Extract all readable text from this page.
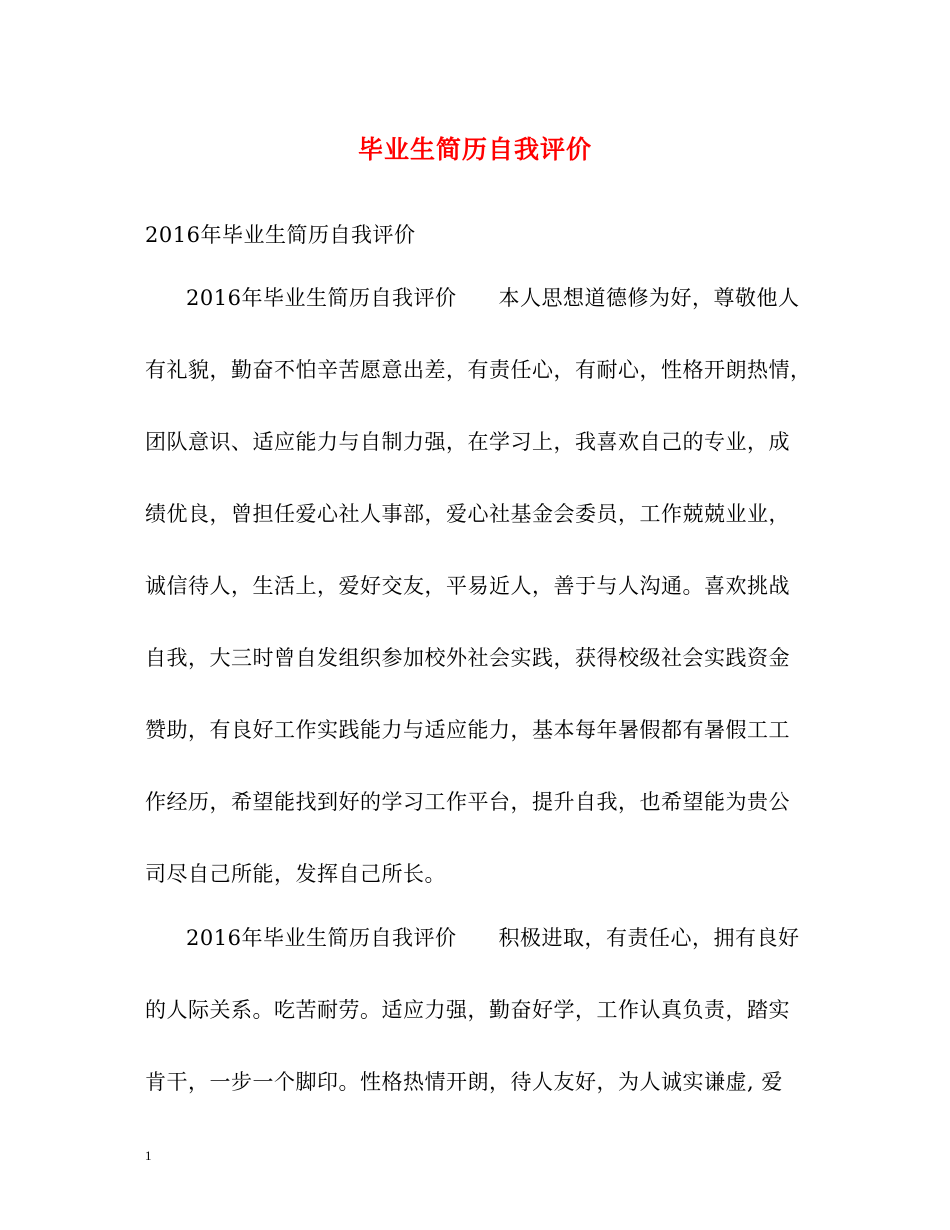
毕业生简历自我评价
2016年毕业生简历自我评价
2016年毕业生简历自我评价 本人思想道德修为好，尊敬他人
有礼貌，勤奋不怕辛苦愿意出差，有责任心，有耐心，性格开朗热情，
团队意识、适应能力与自制力强，在学习上，我喜欢自己的专业，成
绩优良，曾担任爱心社人事部，爱心社基金会委员，工作兢兢业业，
诚信待人，生活上，爱好交友，平易近人，善于与人沟通。喜欢挑战
自我，大三时曾自发组织参加校外社会实践，获得校级社会实践资金
赞助，有良好工作实践能力与适应能力，基本每年暑假都有暑假工工
作经历，希望能找到好的学习工作平台，提升自我，也希望能为贵公
司尽自己所能，发挥自己所长。
2016年毕业生简历自我评价 积极进取，有责任心，拥有良好
的人际关系。吃苦耐劳。适应力强，勤奋好学，工作认真负责，踏实
肯干，一步一个脚印。性格热情开朗，待人友好，为人诚实谦虚, 爱
1
